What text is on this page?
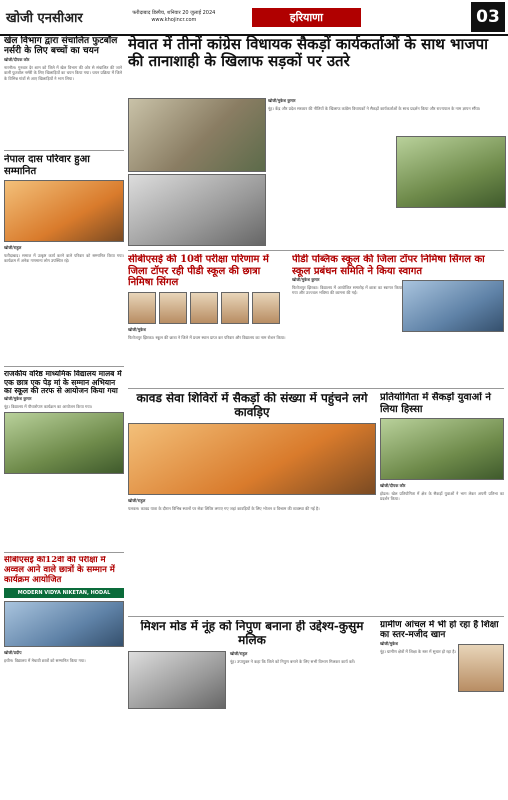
खोजी एनसीआर	फरीदाबाद डिस्पैच, शनिवार 20 जुलाई 2024
www.khojincr.com	हरियाणा	03
खेल विभाग द्वारा संचालित फुटबॉल नर्सरी के लिए बच्चों का चयन
खोजी/दीपक कौर
नारनौल। गुरुवार देर शाम को जिले में खेल विभाग की ओर से संचालित की जाने वाली फुटबॉल नर्सरी के लिए खिलाड़ियों का चयन किया गया। चयन प्रक्रिया में जिले के विभिन्न गांवों से आए खिलाड़ियों ने भाग लिया।
मेवात में तीनों कांग्रेस विधायक सैकड़ों कार्यकर्ताओं के साथ भाजपा की तानाशाही के खिलाफ सड़कों पर उतरे
खोजी/मुकेश कुमार
नूंह। केंद्र और प्रदेश सरकार की नीतियों के खिलाफ कांग्रेस विधायकों ने सैकड़ों कार्यकर्ताओं के साथ प्रदर्शन किया और राज्यपाल के नाम ज्ञापन सौंपा।
नेपाल दास परिवार हुआ सम्मानित
खोजी/राहुल
फरीदाबाद। समाज में उत्कृष्ट कार्य करने वाले परिवार को सम्मानित किया गया। कार्यक्रम में अनेक गणमान्य लोग उपस्थित रहे।	सीबीएसई की 10वीं परीक्षा परिणाम में जिला टॉपर रही पीडी स्कूल की छात्रा निमिषा सिंगल
खोजी/मुकेश
फिरोजपुर झिरका। स्कूल की छात्रा ने जिले में प्रथम स्थान प्राप्त कर परिवार और विद्यालय का नाम रोशन किया।
पीडी पब्लिक स्कूल की जिला टॉपर निमिषा सिंगल का स्कूल प्रबंधन समिति ने किया स्वागत
खोजी/मुकेश कुमार
फिरोजपुर झिरका। विद्यालय में आयोजित समारोह में छात्रा का स्वागत किया गया और उज्ज्वल भविष्य की कामना की गई।
राजकीय वरिष्ठ माध्यमिक विद्यालय मालब में एक छात्र एक पेड़ मां के सम्मान अभियान का स्कूल की तरफ से आयोजन किया गया
खोजी/मुकेश कुमार
नूंह। विद्यालय में पौधारोपण कार्यक्रम का आयोजन किया गया।
कावड सेवा शिविरों में सैकड़ों की संख्या में पहुंचने लगे कावड़िए
खोजी/राहुल
पलवल। कावड यात्रा के दौरान विभिन्न स्थानों पर सेवा शिविर लगाए गए जहां कावड़ियों के लिए भोजन व विश्राम की व्यवस्था की गई है।
प्रतियोगिता में सैकड़ों युवाओं ने लिया हिस्सा
खोजी/दीपक कौर
होडल। खेल प्रतियोगिता में क्षेत्र के सैकड़ों युवाओं ने भाग लेकर अपनी प्रतिभा का प्रदर्शन किया।
सीबीएसई की12वीं की परीक्षा में अव्वल आने वाले छात्रों के सम्मान में कार्यक्रम आयोजित
MODERN VIDYA NIKETAN, HODAL
खोजी/प्रदीप
हथीन। विद्यालय में मेधावी छात्रों को सम्मानित किया गया।
मिशन मोड में नूंह को निपुण बनाना ही उद्देश्य-कुसुम मलिक
खोजी/राहुल
नूंह। उपायुक्त ने कहा कि जिले को निपुण बनाने के लिए सभी विभाग मिलकर कार्य करें।
ग्रामीण आंचल में भी हो रहा है शिक्षा का स्तर-मजीद खान
खोजी/मुकेश
नूंह। ग्रामीण क्षेत्रों में शिक्षा के स्तर में सुधार हो रहा है।
